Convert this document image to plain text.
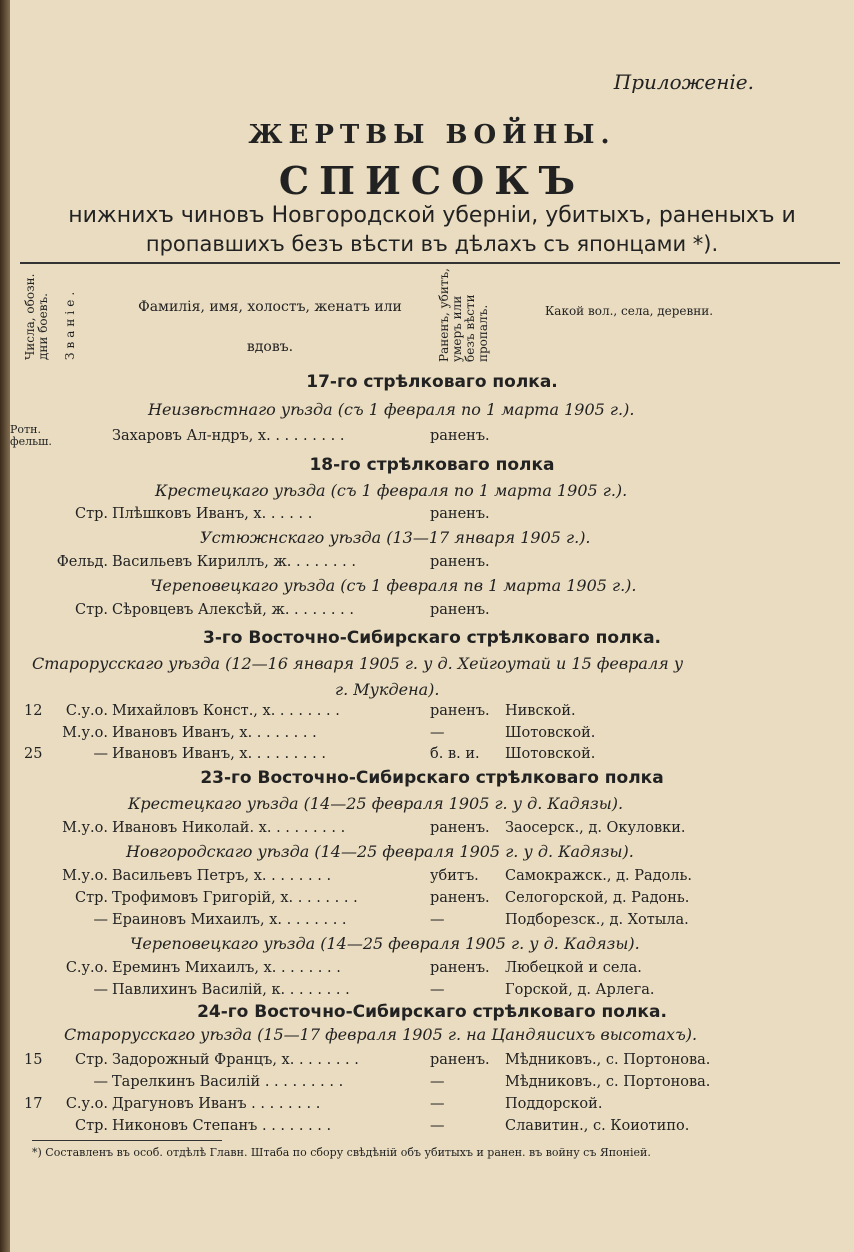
Приложеніе.
ЖЕРТВЫ ВОЙНЫ.
СПИСОКЪ
нижнихъ чиновъ Новгородской уберніи, убитыхъ, раненыхъ и
пропавшихъ безъ вѣсти въ дѣлахъ съ японцами *).
Числа, обозн. дни боевъ. Званіе.	Фамилія, имя, холостъ, женатъ или вдовъ.	Раненъ, убитъ, умеръ или безъ вѣсти пропалъ.	Какой вол., села, деревни.
17-го стрѣлковаго полка.
Неизвѣстнаго уѣзда (съ 1 февраля по 1 марта 1905 г.).
Ротн. фельш.	Захаровъ Ал-ндръ, х. . . . . . . . .	раненъ.
18-го стрѣлковаго полка
Крестецкаго уѣзда (съ 1 февраля по 1 марта 1905 г.).
Стр. Плѣшковъ Иванъ, х. . . . . .	раненъ.
Устюжнскаго уѣзда (13—17 января 1905 г.).
Фельд. Васильевъ Кириллъ, ж. . . . . . . .	раненъ.
Череповецкаго уѣзда (съ 1 февраля пв 1 марта 1905 г.).
Стр. Сѣровцевъ Алексѣй, ж. . . . . . . .	раненъ.
3-го Восточно-Сибирскаго стрѣлковаго полка.
Старорусскаго уѣзда (12—16 января 1905 г. у д. Хейгоутай и 15 февраля у
г. Мукдена).
12	С.у.о. Михайловъ Конст., х. . . . . . . .	раненъ. Нивской.
М.у.о. Ивановъ Иванъ, х. . . . . . . .	—	Шотовской.
25	— Ивановъ Иванъ, х. . . . . . . . .	б. в. и. Шотовской.
23-го Восточно-Сибирскаго стрѣлковаго полка
Крестецкаго уѣзда (14—25 февраля 1905 г. у д. Кадязы).
М.у.о. Ивановъ Николай. х. . . . . . . . .	раненъ. Заосерск., д. Окуловки.
Новгородскаго уѣзда (14—25 февраля 1905 г. у д. Кадязы).
М.у.о. Васильевъ Петръ, х. . . . . . . .	убитъ. Самокражск., д. Радоль.
Стр. Трофимовъ Григорій, х. . . . . . . .	раненъ. Селогорской, д. Радонь.
— Ераиновъ Михаилъ, х. . . . . . . .	—	Подборезск., д. Хотыла.
Череповецкаго уѣзда (14—25 февраля 1905 г. у д. Кадязы).
С.у.о. Ереминъ Михаилъ, х. . . . . . . .	раненъ. Любецкой и села.
— Павлихинъ Василій, к. . . . . . . .	—	Горской, д. Арлега.
24-го Восточно-Сибирскаго стрѣлковаго полка.
Старорусскаго уѣзда (15—17 февраля 1905 г. на Цандяисихъ высотахъ).
15	Стр. Задорожный Францъ, х. . . . . . . .	раненъ. Мѣдниковъ., с. Портонова.
— Тарелкинъ Василій . . . . . . . . .	—	Мѣдниковъ., с. Портонова.
17	С.у.о. Драгуновъ Иванъ . . . . . . . .	—	Поддорской.
Стр. Никоновъ Степанъ . . . . . . . .	—	Славитин., с. Коиотипо.
*) Составленъ въ особ. отдѣлѣ Главн. Штаба по сбору свѣдѣній объ убитыхъ и ранен. въ войну съ Японіей.
